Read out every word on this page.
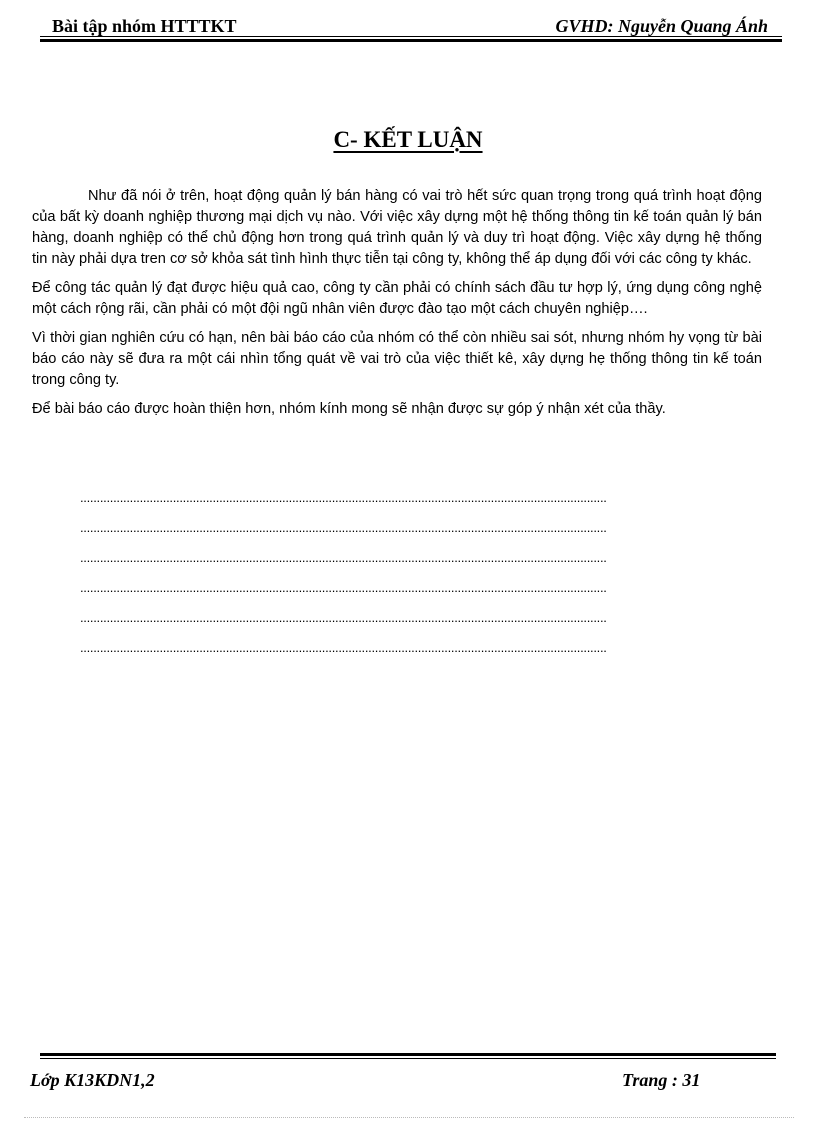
Bài tập nhóm HTTTKT	GVHD: Nguyễn Quang Ánh
C- KẾT LUẬN

Như đã nói ở trên, hoạt động quản lý bán hàng có vai trò hết sức quan trọng trong quá trình hoạt động của bất kỳ doanh nghiệp thương mại dịch vụ nào. Với việc xây dựng một hệ thống thông tin kế toán quản lý bán hàng, doanh nghiệp có thể chủ động hơn trong quá trình quản lý và duy trì hoạt động. Việc xây dựng hệ thống tin này phải dựa tren cơ sở khỏa sát tình hình thực tiễn tại công ty, không thể áp dụng đối với các công ty khác.

Để công tác quản lý đạt được hiệu quả cao, công ty cần phải có chính sách đầu tư hợp lý, ứng dụng công nghệ một cách rộng rãi, cần phải có một đội ngũ nhân viên được đào tạo một cách chuyên nghiệp….

Vì thời gian nghiên cứu có hạn, nên bài báo cáo của nhóm có thể còn nhiều sai sót, nhưng nhóm hy vọng từ bài báo cáo này sẽ đưa ra một cái nhìn tổng quát về vai trò của việc thiết kê, xây dựng hẹ thống thông tin kế toán trong công ty.

Để bài báo cáo được hoàn thiện hơn, nhóm kính mong sẽ nhận được sự góp ý nhận xét của thầy.

...............................................................................................................................................................
...............................................................................................................................................................
...............................................................................................................................................................
...............................................................................................................................................................
...............................................................................................................................................................
...............................................................................................................................................................
Lớp K13KDN1,2	Trang : 31
